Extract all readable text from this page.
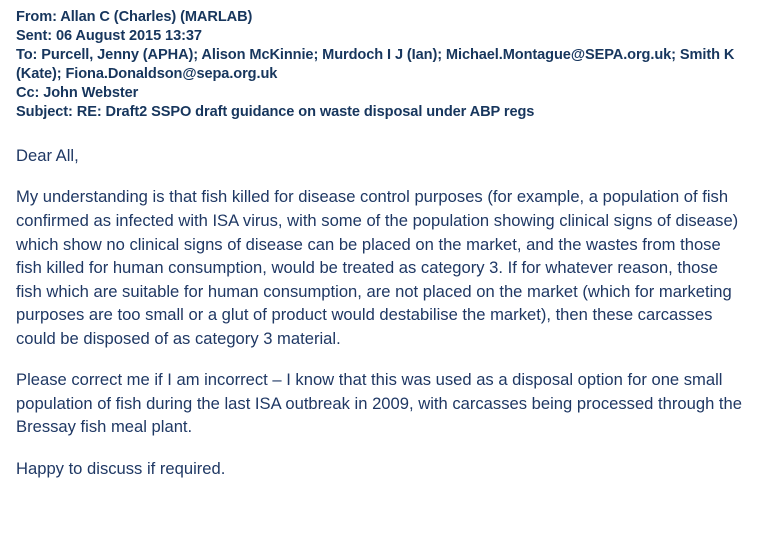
From: Allan C (Charles) (MARLAB)
Sent: 06 August 2015 13:37
To: Purcell, Jenny (APHA); Alison McKinnie; Murdoch I J (Ian); Michael.Montague@SEPA.org.uk; Smith K (Kate); Fiona.Donaldson@sepa.org.uk
Cc: John Webster
Subject: RE: Draft2 SSPO draft guidance on waste disposal under ABP regs

Dear All,

My understanding is that fish killed for disease control purposes (for example, a population of fish confirmed as infected with ISA virus, with some of the population showing clinical signs of disease) which show no clinical signs of disease can be placed on the market, and the wastes from those fish killed for human consumption, would be treated as category 3. If for whatever reason, those fish which are suitable for human consumption, are not placed on the market (which for marketing purposes are too small or a glut of product would destabilise the market), then these carcasses could be disposed of as category 3 material.

Please correct me if I am incorrect – I know that this was used as a disposal option for one small population of fish during the last ISA outbreak in 2009, with carcasses being processed through the Bressay fish meal plant.

Happy to discuss if required.
